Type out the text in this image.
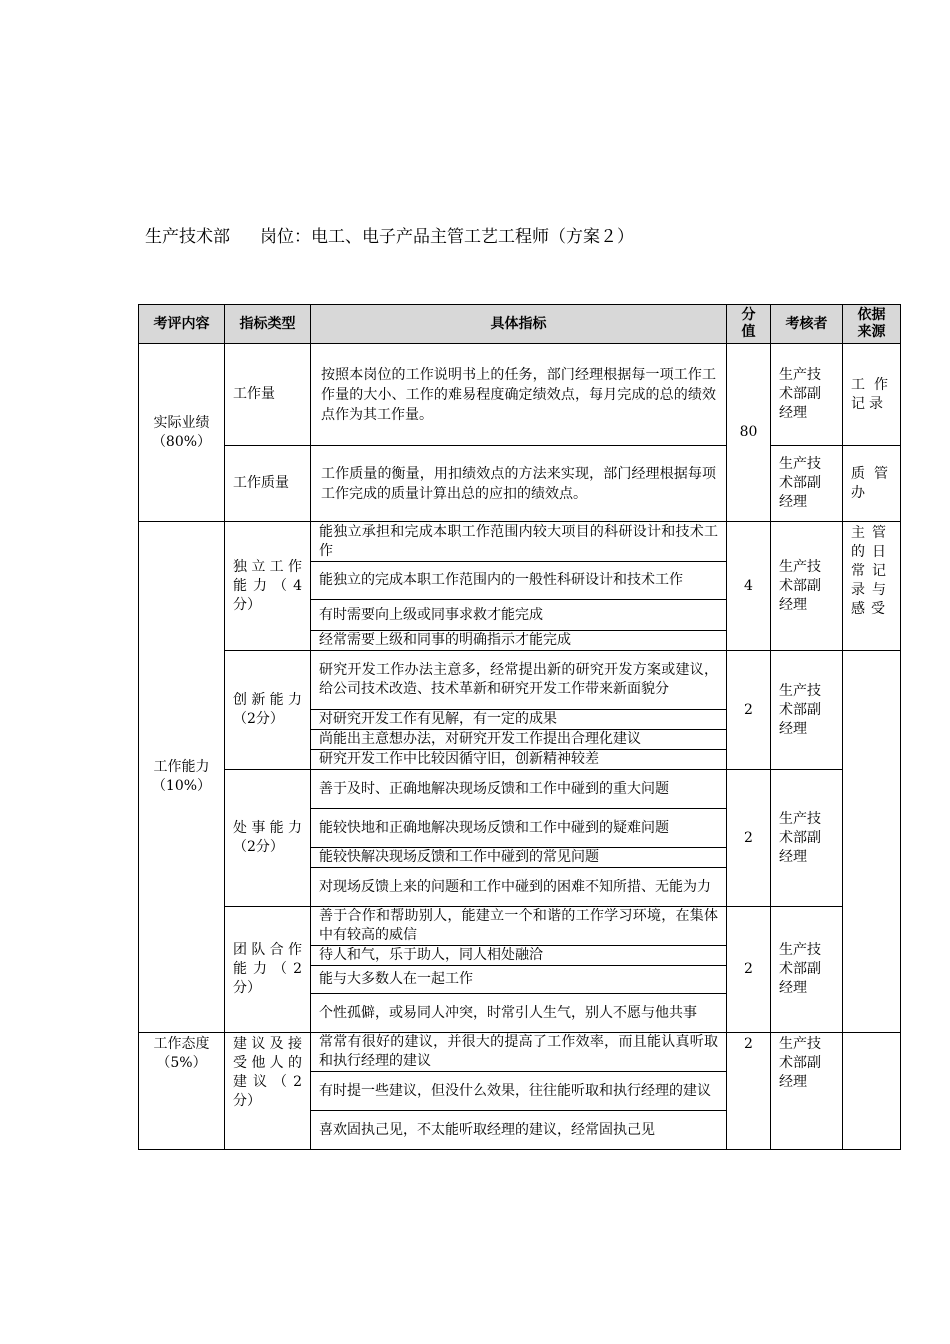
生产技术部 岗位：电工、电子产品主管工艺工程师（方案２）
考评内容	指标类型	具体指标	分值	考核者	依据来源
实际业绩（80%）	工作量	按照本岗位的工作说明书上的任务，部门经理根据每一项工作工作量的大小、工作的难易程度确定绩效点，每月完成的总的绩效点作为其工作量。	80	生产技术部副经理	工作记录
	工作质量	工作质量的衡量，用扣绩效点的方法来实现，部门经理根据每项工作完成的质量计算出总的应扣的绩效点。		生产技术部副经理	质管办
工作能力（10%）	独立工作能力（4分）	能独立承担和完成本职工作范围内较大项目的科研设计和技术工作	4	生产技术部副经理	主管的日常记录与感受
		能独立的完成本职工作范围内的一般性科研设计和技术工作			
		有时需要向上级或同事求救才能完成			
		经常需要上级和同事的明确指示才能完成			
	创新能力（2分）	研究开发工作办法主意多，经常提出新的研究开发方案或建议，给公司技术改造、技术革新和研究开发工作带来新面貌分	2	生产技术部副经理	
		对研究开发工作有见解，有一定的成果			
		尚能出主意想办法，对研究开发工作提出合理化建议			
		研究开发工作中比较因循守旧，创新精神较差			
	处事能力（2分）	善于及时、正确地解决现场反馈和工作中碰到的重大问题	2	生产技术部副经理	
		能较快地和正确地解决现场反馈和工作中碰到的疑难问题			
		能较快解决现场反馈和工作中碰到的常见问题			
		对现场反馈上来的问题和工作中碰到的困难不知所措、无能为力			
	团队合作能力（2分）	善于合作和帮助别人，能建立一个和谐的工作学习环境，在集体中有较高的威信	2	生产技术部副经理	
		待人和气，乐于助人，同人相处融洽			
		能与大多数人在一起工作			
		个性孤僻，或易同人冲突，时常引人生气，别人不愿与他共事			
工作态度（5%）	建议及接受他人的建议（2分）	常常有很好的建议，并很大的提高了工作效率，而且能认真听取和执行经理的建议	2	生产技术部副经理	
		有时提一些建议，但没什么效果，往往能听取和执行经理的建议			
		喜欢固执己见，不太能听取经理的建议，经常固执己见			
